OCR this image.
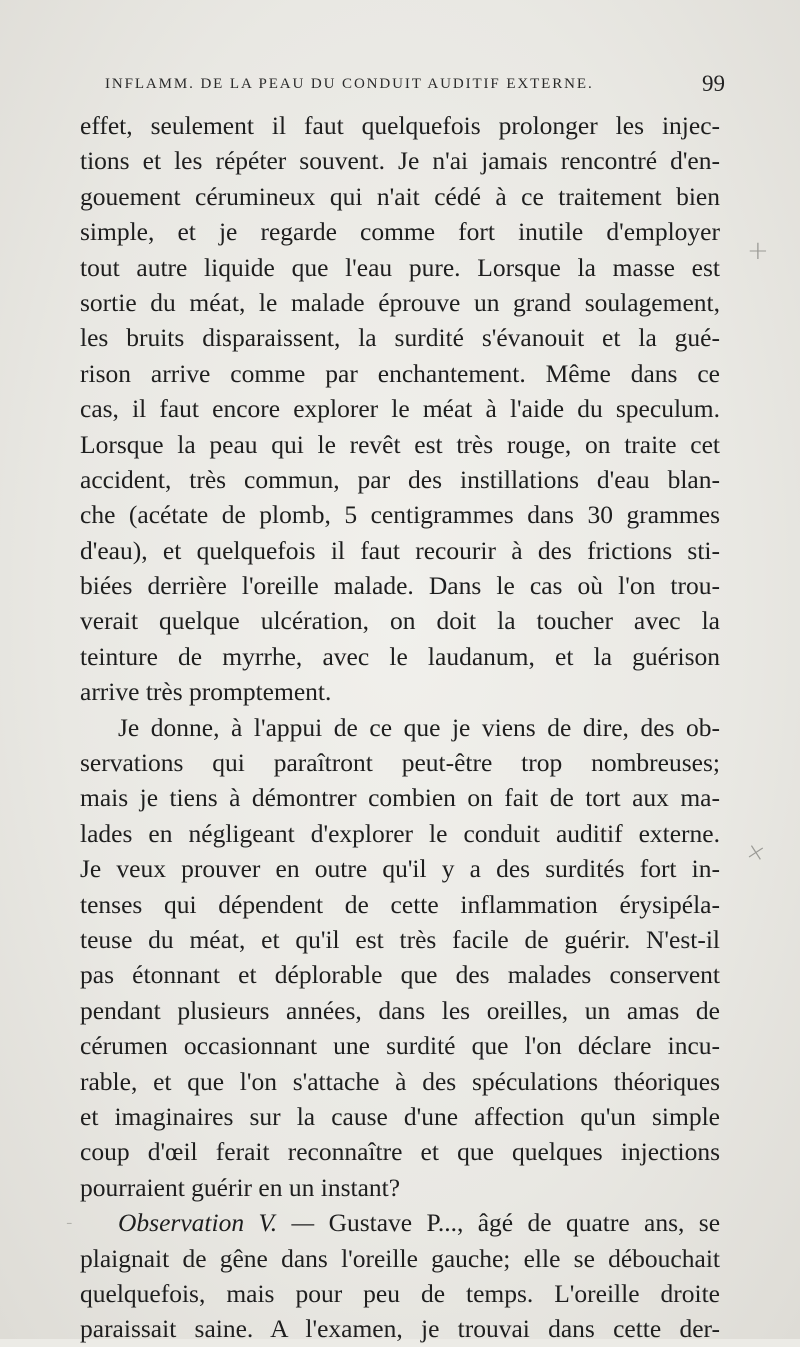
INFLAMM. DE LA PEAU DU CONDUIT AUDITIF EXTERNE.	99
effet, seulement il faut quelquefois prolonger les injec-
tions et les répéter souvent. Je n'ai jamais rencontré d'en-
gouement cérumineux qui n'ait cédé à ce traitement bien
simple, et je regarde comme fort inutile d'employer
tout autre liquide que l'eau pure. Lorsque la masse est
sortie du méat, le malade éprouve un grand soulagement,
les bruits disparaissent, la surdité s'évanouit et la gué-
rison arrive comme par enchantement. Même dans ce
cas, il faut encore explorer le méat à l'aide du speculum.
Lorsque la peau qui le revêt est très rouge, on traite cet
accident, très commun, par des instillations d'eau blan-
che (acétate de plomb, 5 centigrammes dans 30 grammes
d'eau), et quelquefois il faut recourir à des frictions sti-
biées derrière l'oreille malade. Dans le cas où l'on trou-
verait quelque ulcération, on doit la toucher avec la
teinture de myrrhe, avec le laudanum, et la guérison
arrive très promptement.
Je donne, à l'appui de ce que je viens de dire, des ob-
servations qui paraîtront peut-être trop nombreuses;
mais je tiens à démontrer combien on fait de tort aux ma-
lades en négligeant d'explorer le conduit auditif externe.
Je veux prouver en outre qu'il y a des surdités fort in-
tenses qui dépendent de cette inflammation érysipéla-
teuse du méat, et qu'il est très facile de guérir. N'est-il
pas étonnant et déplorable que des malades conservent
pendant plusieurs années, dans les oreilles, un amas de
cérumen occasionnant une surdité que l'on déclare incu-
rable, et que l'on s'attache à des spéculations théoriques
et imaginaires sur la cause d'une affection qu'un simple
coup d'œil ferait reconnaître et que quelques injections
pourraient guérir en un instant?
Observation V. — Gustave P..., âgé de quatre ans, se
plaignait de gêne dans l'oreille gauche; elle se débouchait
quelquefois, mais pour peu de temps. L'oreille droite
paraissait saine. A l'examen, je trouvai dans cette der-
+
×
-
